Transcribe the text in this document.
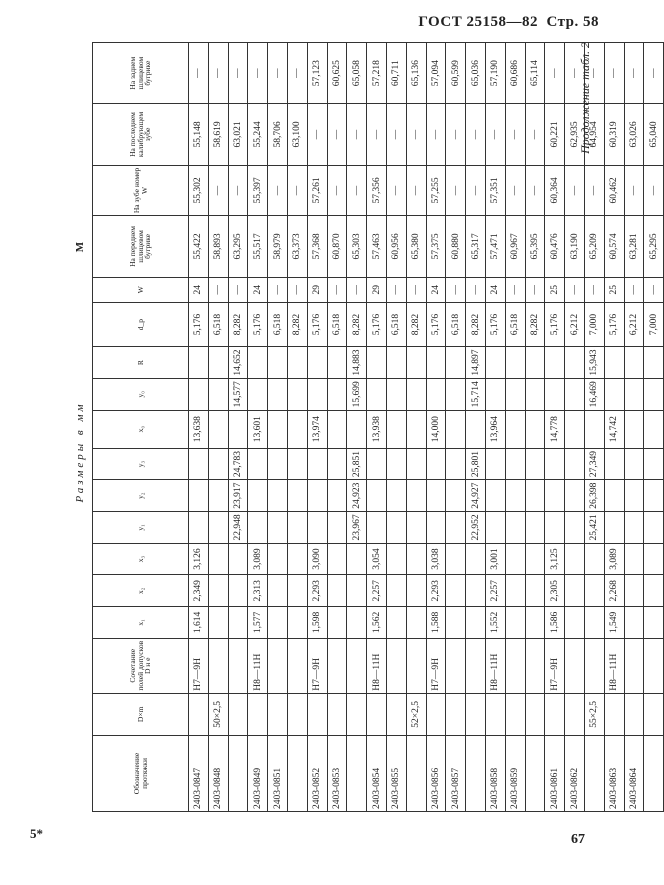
ГОСТ 25158—82 Стр. 58
Размеры в мм
M
Обозначение протяжки	D×m	Сочетание полей допусков D н е	x₁	x₂	x₃	y₁	y₂	y₃	x₀	y₀	R	d_p	W	На переднем шлицевом бугрике	На зубе номер W	На последнем калибрующем зубе	На заднем шлицевом бугрике
2403-0847		H7—9H	1,614	2,349	3,126				13,638			5,176	24	55,422	55,302	55,148	—
2403-0848	50×2,5											6,518	—	58,893	—	58,619	—
						22,948	23,917	24,783		14,577	14,652	8,282	—	63,295	—	63,021	—
2403-0849		H8—11H	1,577	2,313	3,089				13,601			5,176	24	55,517	55,397	55,244	—
2403-0851												6,518	—	58,979	—	58,706	—
												8,282	—	63,373	—	63,100	—
2403-0852		H7—9H	1,598	2,293	3,090				13,974			5,176	29	57,368	57,261	—	57,123
2403-0853												6,518	—	60,870	—	—	60,625
						23,967	24,923	25,851		15,699	14,883	8,282	—	65,303	—	—	65,058
2403-0854		H8—11H	1,562	2,257	3,054				13,938			5,176	29	57,463	57,356	—	57,218
2403-0855												6,518	—	60,956	—	—	60,711
	52×2,5											8,282	—	65,380	—	—	65,136
2403-0856		H7—9H	1,588	2,293	3,038				14,000			5,176	24	57,375	57,255	—	57,094
2403-0857												6,518	—	60,880	—	—	60,599
						22,952	24,927	25,801		15,714	14,897	8,282	—	65,317	—	—	65,036
2403-0858		H8—11H	1,552	2,257	3,001				13,964			5,176	24	57,471	57,351	—	57,190
2403-0859												6,518	—	60,967	—	—	60,686
												8,282	—	65,395	—	—	65,114
2403-0861		H7—9H	1,586	2,305	3,125				14,778			5,176	25	60,476	60,364	60,221	—
2403-0862												6,212	—	63,190	—	62,935	—
	55×2,5					25,421	26,398	27,349		16,469	15,943	7,000	—	65,209	—	64,954	—
2403-0863		H8—11H	1,549	2,268	3,089				14,742			5,176	25	60,574	60,462	60,319	—
2403-0864												6,212	—	63,281	—	63,026	—
												7,000	—	65,295	—	65,040	—
Продолжение табл. 2
5*	67
